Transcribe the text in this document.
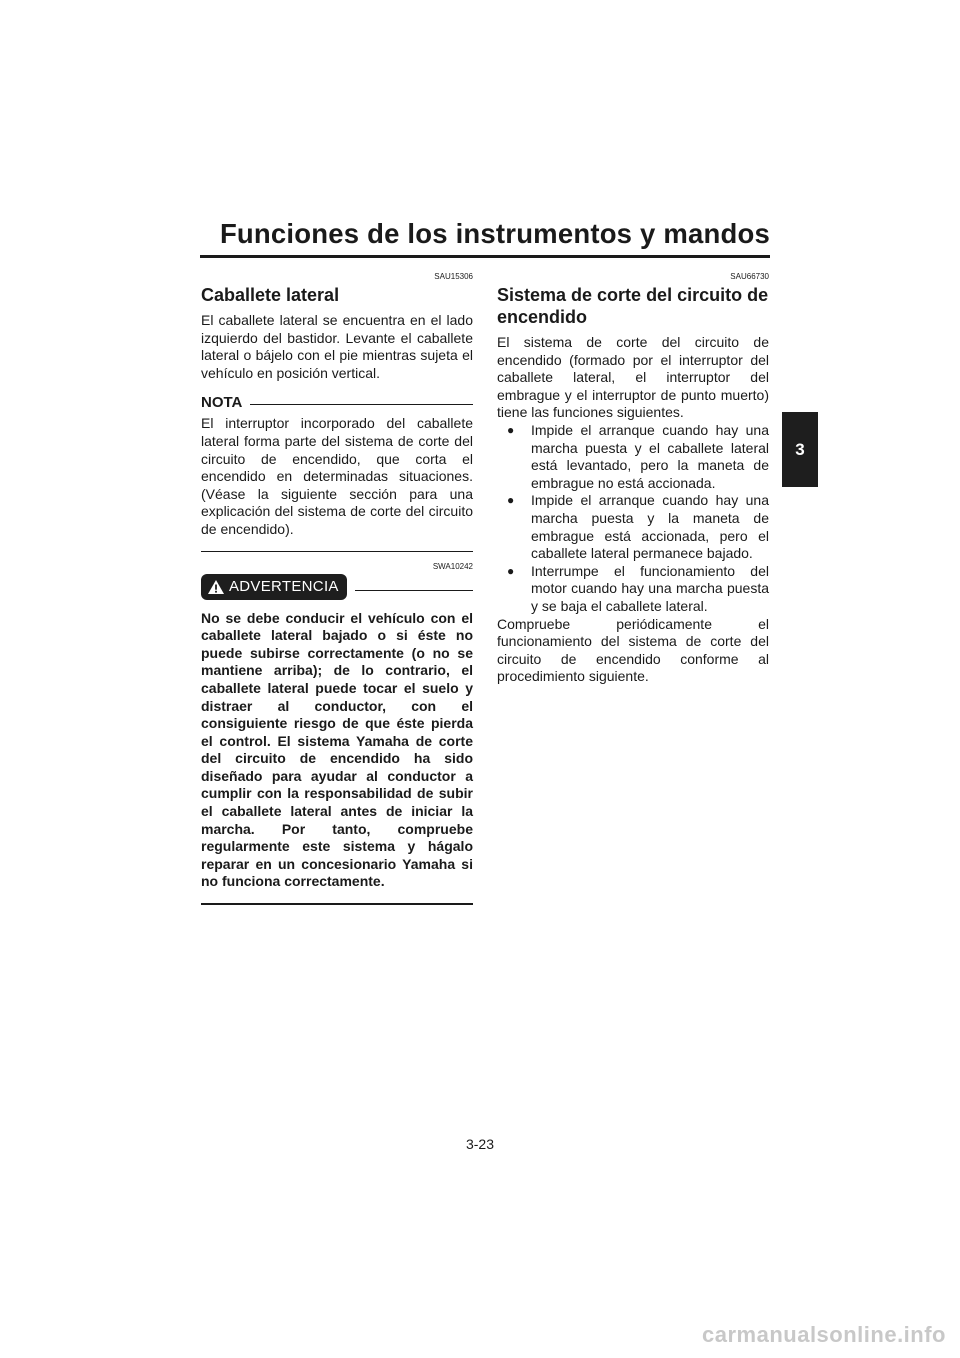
Funciones de los instrumentos y mandos
3
SAU15306
Caballete lateral

El caballete lateral se encuentra en el lado izquierdo del bastidor. Levante el caballete lateral o bájelo con el pie mientras sujeta el vehículo en posición vertical.

NOTA

El interruptor incorporado del caballete lateral forma parte del sistema de corte del circuito de encendido, que corta el encendido en determinadas situaciones. (Véase la siguiente sección para una explicación del sistema de corte del circuito de encendido).

SWA10242
ADVERTENCIA

No se debe conducir el vehículo con el caballete lateral bajado o si éste no puede subirse correctamente (o no se mantiene arriba); de lo contrario, el caballete lateral puede tocar el suelo y distraer al conductor, con el consiguiente riesgo de que éste pierda el control. El sistema Yamaha de corte del circuito de encendido ha sido diseñado para ayudar al conductor a cumplir con la responsabilidad de subir el caballete lateral antes de iniciar la marcha. Por tanto, compruebe regularmente este sistema y hágalo reparar en un concesionario Yamaha si no funciona correctamente.

SAU66730
Sistema de corte del circuito de encendido

El sistema de corte del circuito de encendido (formado por el interruptor del caballete lateral, el interruptor del embrague y el interruptor de punto muerto) tiene las funciones siguientes.

● Impide el arranque cuando hay una marcha puesta y el caballete lateral está levantado, pero la maneta de embrague no está accionada.
● Impide el arranque cuando hay una marcha puesta y la maneta de embrague está accionada, pero el caballete lateral permanece bajado.
● Interrumpe el funcionamiento del motor cuando hay una marcha puesta y se baja el caballete lateral.

Compruebe periódicamente el funcionamiento del sistema de corte del circuito de encendido conforme al procedimiento siguiente.

3-23
carmanualsonline.info
